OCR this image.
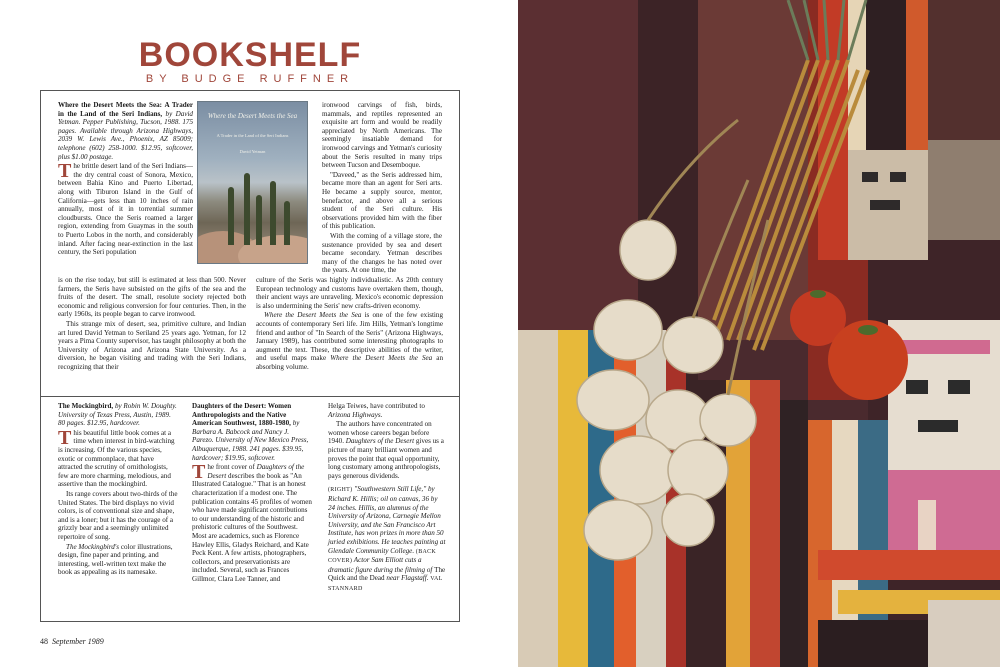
BOOKSHELF
BY BUDGE RUFFNER

Where the Desert Meets the Sea: A Trader in the Land of the Seri Indians, by David Yetman. Pepper Publishing, Tucson, 1988. 175 pages. Available through Arizona Highways, 2039 W. Lewis Ave., Phoenix, AZ 85009; telephone (602) 258-1000. $12.95, softcover, plus $1.00 postage.

The brittle desert land of the Seri Indians—the dry central coast of Sonora, Mexico, between Bahia Kino and Puerto Libertad, along with Tiburon Island in the Gulf of California—gets less than 10 inches of rain annually, most of it in torrential summer cloudbursts. Once the Seris roamed a larger region, extending from Guaymas in the south to Puerto Lobos in the north, and considerably inland. After facing near-extinction in the last century, the Seri population

Where the Desert Meets the Sea
A Trader in the Land of the Seri Indians
David Yetman

ironwood carvings of fish, birds, mammals, and reptiles represented an exquisite art form and would be readily appreciated by North Americans. The seemingly insatiable demand for ironwood carvings and Yetman's curiosity about the Seris resulted in many trips between Tucson and Desemboque.

"Daveed," as the Seris addressed him, became more than an agent for Seri arts. He became a supply source, mentor, benefactor, and above all a serious student of the Seri culture. His observations provided him with the fiber of this publication.

With the coming of a village store, the sustenance provided by sea and desert became secondary. Yetman describes many of the changes he has noted over the years. At one time, the

is on the rise today, but still is estimated at less than 500. Never farmers, the Seris have subsisted on the gifts of the sea and the fruits of the desert. The small, resolute society rejected both economic and religious conversion for four centuries. Then, in the early 1960s, its people began to carve ironwood.

This strange mix of desert, sea, primitive culture, and Indian art lured David Yetman to Seriland 25 years ago. Yetman, for 12 years a Pima County supervisor, has taught philosophy at both the University of Arizona and Arizona State University. As a diversion, he began visiting and trading with the Seri Indians, recognizing that their

culture of the Seris was highly individualistic. As 20th century European technology and customs have overtaken them, though, their ancient ways are unraveling. Mexico's economic depression is also undermining the Seris' new crafts-driven economy.

Where the Desert Meets the Sea is one of the few existing accounts of contemporary Seri life. Jim Hills, Yetman's longtime friend and author of "In Search of the Seris" (Arizona Highways, January 1989), has contributed some interesting photographs to augment the text. These, the descriptive abilities of the writer, and useful maps make Where the Desert Meets the Sea an absorbing volume.

The Mockingbird, by Robin W. Doughty. University of Texas Press, Austin, 1989. 80 pages. $12.95, hardcover.

This beautiful little book comes at a time when interest in bird-watching is increasing. Of the various species, exotic or commonplace, that have attracted the scrutiny of ornithologists, few are more charming, melodious, and assertive than the mockingbird.

Its range covers about two-thirds of the United States. The bird displays no vivid colors, is of conventional size and shape, and is a loner; but it has the courage of a grizzly bear and a seemingly unlimited repertoire of song.

The Mockingbird's color illustrations, design, fine paper and printing, and interesting, well-written text make the book as appealing as its namesake.

Daughters of the Desert: Women Anthropologists and the Native American Southwest, 1880-1980, by Barbara A. Babcock and Nancy J. Parezo. University of New Mexico Press, Albuquerque, 1988. 241 pages. $39.95, hardcover; $19.95, softcover.

The front cover of Daughters of the Desert describes the book as "An Illustrated Catalogue." That is an honest characterization if a modest one. The publication contains 45 profiles of women who have made significant contributions to our understanding of the historic and prehistoric cultures of the Southwest. Most are academics, such as Florence Hawley Ellis, Gladys Reichard, and Kate Peck Kent. A few artists, photographers, collectors, and preservationists are included. Several, such as Frances Gillmor, Clara Lee Tanner, and

Helga Teiwes, have contributed to Arizona Highways.

The authors have concentrated on women whose careers began before 1940. Daughters of the Desert gives us a picture of many brilliant women and proves the point that equal opportunity, long customary among anthropologists, pays generous dividends.

(RIGHT) "Southwestern Still Life," by Richard K. Hillis; oil on canvas, 36 by 24 inches. Hillis, an alumnus of the University of Arizona, Carnegie Mellon University, and the San Francisco Art Institute, has won prizes in more than 50 juried exhibitions. He teaches painting at Glendale Community College. (BACK COVER) Actor Sam Elliott cuts a dramatic figure during the filming of The Quick and the Dead near Flagstaff. VAL STANNARD

48 September 1989
